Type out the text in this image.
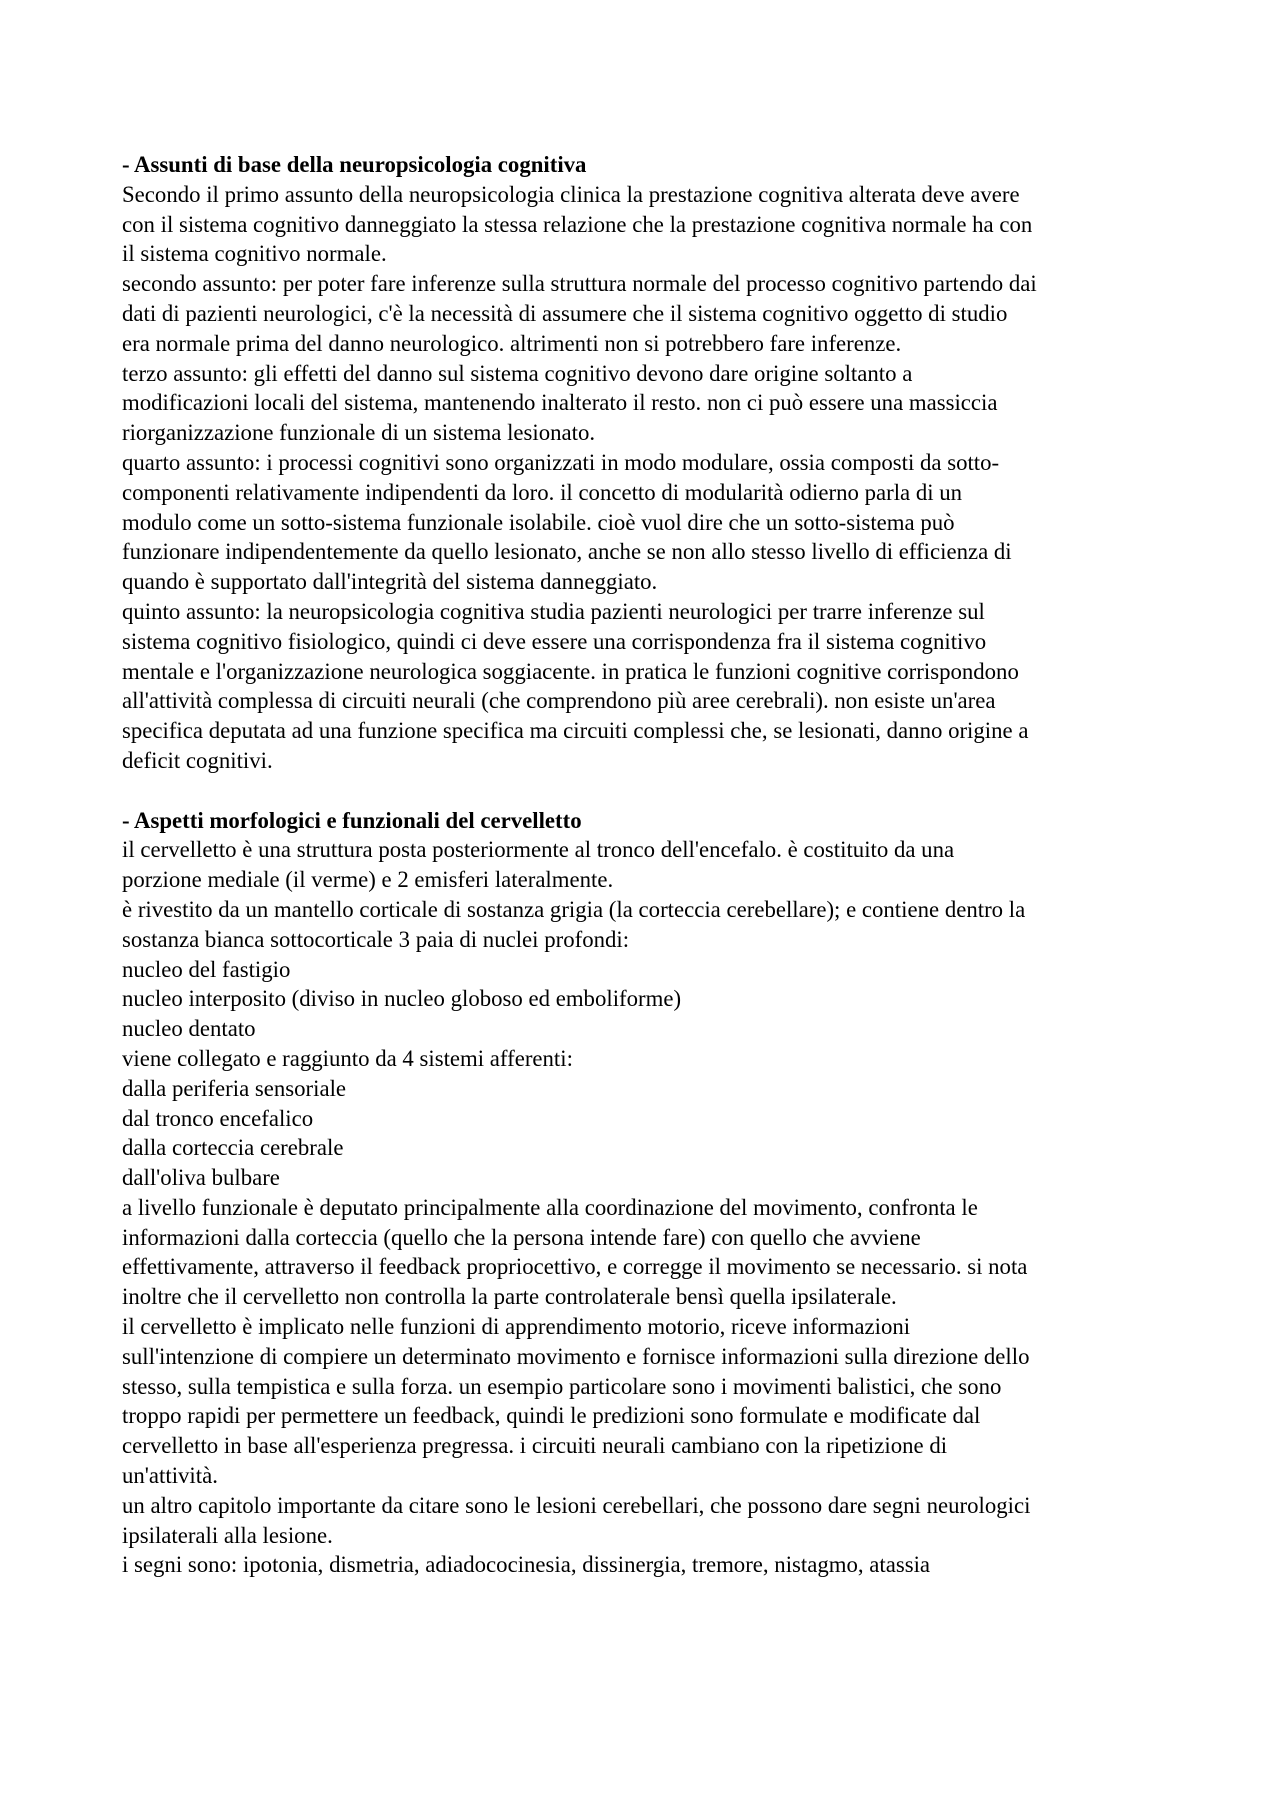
- Assunti di base della neuropsicologia cognitiva
Secondo il primo assunto della neuropsicologia clinica la prestazione cognitiva alterata deve avere
con il sistema cognitivo danneggiato la stessa relazione che la prestazione cognitiva normale ha con
il sistema cognitivo normale.
secondo assunto: per poter fare inferenze sulla struttura normale del processo cognitivo partendo dai
dati di pazienti neurologici, c'è la necessità di assumere che il sistema cognitivo oggetto di studio
era normale prima del danno neurologico. altrimenti non si potrebbero fare inferenze.
terzo assunto: gli effetti del danno sul sistema cognitivo devono dare origine soltanto a
modificazioni locali del sistema, mantenendo inalterato il resto. non ci può essere una massiccia
riorganizzazione funzionale di un sistema lesionato.
quarto assunto: i processi cognitivi sono organizzati in modo modulare, ossia composti da sotto-
componenti relativamente indipendenti da loro. il concetto di modularità odierno parla di un
modulo come un sotto-sistema funzionale isolabile. cioè vuol dire che un sotto-sistema può
funzionare indipendentemente da quello lesionato, anche se non allo stesso livello di efficienza di
quando è supportato dall'integrità del sistema danneggiato.
quinto assunto: la neuropsicologia cognitiva studia pazienti neurologici per trarre inferenze sul
sistema cognitivo fisiologico, quindi ci deve essere una corrispondenza fra il sistema cognitivo
mentale e l'organizzazione neurologica soggiacente. in pratica le funzioni cognitive corrispondono
all'attività complessa di circuiti neurali (che comprendono più aree cerebrali). non esiste un'area
specifica deputata ad una funzione specifica ma circuiti complessi che, se lesionati, danno origine a
deficit cognitivi.
- Aspetti morfologici e funzionali del cervelletto
il cervelletto è una struttura posta posteriormente al tronco dell'encefalo. è costituito da una
porzione mediale (il verme) e 2 emisferi lateralmente.
è rivestito da un mantello corticale di sostanza grigia (la corteccia cerebellare); e contiene dentro la
sostanza bianca sottocorticale 3 paia di nuclei profondi:
nucleo del fastigio
nucleo interposito (diviso in nucleo globoso ed emboliforme)
nucleo dentato
viene collegato e raggiunto da 4 sistemi afferenti:
dalla periferia sensoriale
dal tronco encefalico
dalla corteccia cerebrale
dall'oliva bulbare
a livello funzionale è deputato principalmente alla coordinazione del movimento, confronta le
informazioni dalla corteccia (quello che la persona intende fare) con quello che avviene
effettivamente, attraverso il feedback propriocettivo, e corregge il movimento se necessario. si nota
inoltre che il cervelletto non controlla la parte controlaterale bensì quella ipsilaterale.
il cervelletto è implicato nelle funzioni di apprendimento motorio, riceve informazioni
sull'intenzione di compiere un determinato movimento e fornisce informazioni sulla direzione dello
stesso, sulla tempistica e sulla forza. un esempio particolare sono i movimenti balistici, che sono
troppo rapidi per permettere un feedback, quindi le predizioni sono formulate e modificate dal
cervelletto in base all'esperienza pregressa. i circuiti neurali cambiano con la ripetizione di
un'attività.
un altro capitolo importante da citare sono le lesioni cerebellari, che possono dare segni neurologici
ipsilaterali alla lesione.
i segni sono: ipotonia, dismetria, adiadococinesia, dissinergia, tremore, nistagmo, atassia
